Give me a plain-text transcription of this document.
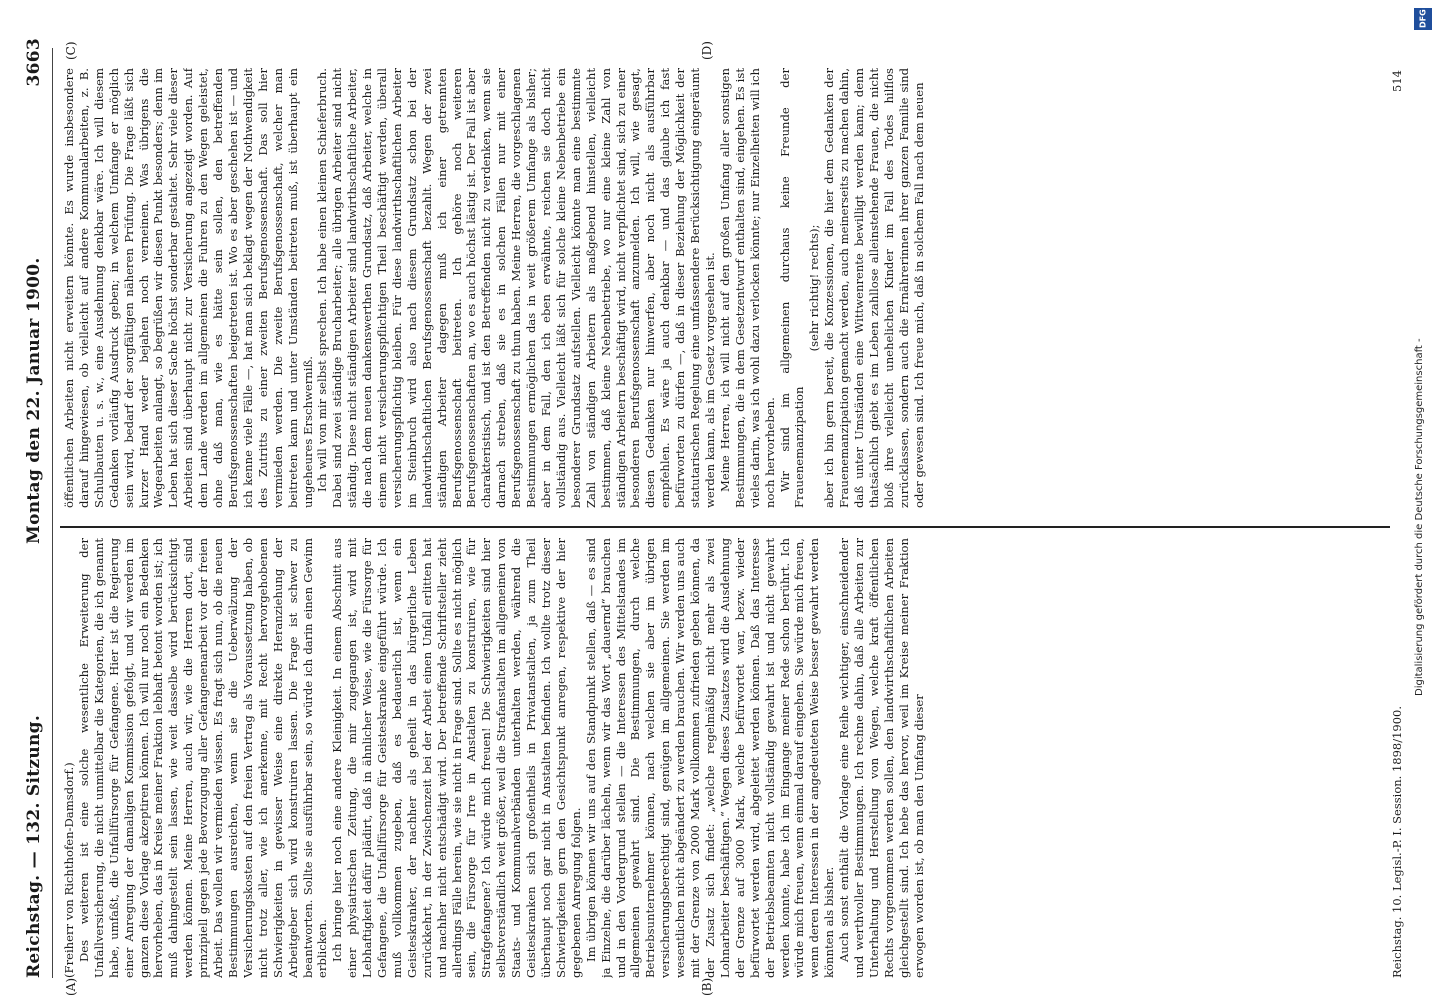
Reichstag. — 132. Sitzung.
Montag den 22. Januar 1900.
3663
(A)	(B)
(C)	(D)

(Freiherr von Richthofen-Damsdorf.) Des weiteren ist eine solche wesentliche Erweiterung der Unfallversicherung, die nicht unmittelbar die Kategorien, die ich genannt habe, umfaßt, die Unfallfürsorge für Gefangene. Hier ist die Regierung einer Anregung der damaligen Kommission gefolgt, und wir werden im ganzen diese Vorlage akzeptiren können. Ich will nur noch ein Bedenken hervorheben, das in Kreise meiner Fraktion lebhaft betont worden ist; ich muß dahingestellt sein lassen, wie weit dasselbe wird berücksichtigt werden können. Meine Herren, auch wir, wie die Herren dort, sind prinzipiell gegen jede Bevorzugung aller Gefangenenarbeit vor der freien Arbeit. Das wollen wir vermieden wissen. Es fragt sich nun, ob die neuen Bestimmungen ausreichen, wenn sie die Ueberwälzung der Versicherungskosten auf den freien Vertrag als Voraussetzung haben, ob nicht trotz aller, wie ich anerkenne, mit Recht hervorgehobenen Schwierigkeiten in gewisser Weise eine direkte Heranziehung der Arbeitgeber sich wird konstruiren lassen. Die Frage ist schwer zu beantworten. Sollte sie ausführbar sein, so würde ich darin einen Gewinn erblicken. Ich bringe hier noch eine andere Kleinigkeit. In einem Abschnitt aus einer physiatrischen Zeitung, die mir zugegangen ist, wird mit Lebhaftigkeit dafür plädirt, daß in ähnlicher Weise, wie die Fürsorge für Gefangene, die Unfallfürsorge für Geisteskranke eingeführt würde. Ich muß vollkommen zugeben, daß es bedauerlich ist, wenn ein Geisteskranker, der nachher als geheilt in das bürgerliche Leben zurückkehrt, in der Zwischenzeit bei der Arbeit einen Unfall erlitten hat und nachher nicht entschädigt wird. Der betreffende Schriftsteller zieht allerdings Fälle herein, wie sie nicht in Frage sind. Sollte es nicht möglich sein, die Fürsorge für Irre in Anstalten zu konstruiren, wie für Strafgefangene? Ich würde mich freuen! Die Schwierigkeiten sind hier selbstverständlich weit größer, weil die Strafanstalten im allgemeinen von Staats- und Kommunalverbänden unterhalten werden, während die Geisteskranken sich großentheils in Privatanstalten, ja zum Theil überhaupt noch gar nicht in Anstalten befinden. Ich wollte trotz dieser Schwierigkeiten gern den Gesichtspunkt anregen, respektive der hier gegebenen Anregung folgen. Im übrigen können wir uns auf den Standpunkt stellen, daß — es sind ja Einzelne, die darüber lächeln, wenn wir das Wort „dauernd“ brauchen und in den Vordergrund stellen — die Interessen des Mittelstandes im allgemeinen gewahrt sind. Die Bestimmungen, durch welche Betriebsunternehmer können, nach welchen sie aber im übrigen versicherungsberechtigt sind, genügen im allgemeinen. Sie werden im wesentlichen nicht abgeändert zu werden brauchen. Wir werden uns auch mit der Grenze von 2000 Mark vollkommen zufrieden geben können, da der Zusatz sich findet: „welche regelmäßig nicht mehr als zwei Lohnarbeiter beschäftigen.“ Wegen dieses Zusatzes wird die Ausdehnung der Grenze auf 3000 Mark, welche befürwortet war, bezw. wieder befürwortet werden wird, abgeleitet werden können. Daß das Interesse der Betriebsbeamten nicht vollständig gewahrt ist und nicht gewahrt werden konnte, habe ich im Eingange meiner Rede schon berührt. Ich würde mich freuen, wenn einmal darauf eingehen. Sie würde mich freuen, wenn deren Interessen in der angedeuteten Weise besser gewahrt werden könnten als bisher. Auch sonst enthält die Vorlage eine Reihe wichtiger, einschneidender und werthvoller Bestimmungen. Ich rechne dahin, daß alle Arbeiten zur Unterhaltung und Herstellung von Wegen, welche kraft öffentlichen Rechts vorgenommen werden sollen, den landwirthschaftlichen Arbeiten gleichgestellt sind. Ich hebe das hervor, weil im Kreise meiner Fraktion erwogen worden ist, ob man den Umfang dieser

öffentlichen Arbeiten nicht erweitern könnte. Es wurde insbesondere darauf hingewiesen, ob vielleicht auf andere Kommunalarbeiten, z. B. Schulbauten u. s. w., eine Ausdehnung denkbar wäre. Ich will diesem Gedanken vorläufig Ausdruck geben; in welchem Umfange er möglich sein wird, bedarf der sorgfältigen näheren Prüfung. Die Frage läßt sich kurzer Hand weder bejahen noch verneinen. Was übrigens die Wegearbeiten anlangt, so begrüßen wir diesen Punkt besonders; denn im Leben hat sich dieser Sache höchst sonderbar gestaltet. Sehr viele dieser Arbeiten sind überhaupt nicht zur Versicherung angezeigt worden. Auf dem Lande werden im allgemeinen die Fuhren zu den Wegen geleistet, ohne daß man, wie es hätte sein sollen, den betreffenden Berufsgenossenschaften beigetreten ist. Wo es aber geschehen ist — und ich kenne viele Fälle —, hat man sich beklagt wegen der Nothwendigkeit des Zutritts zu einer zweiten Berufsgenossenschaft. Das soll hier vermieden werden. Die zweite Berufsgenossenschaft, welcher man beitreten kann und unter Umständen beitreten muß, ist überhaupt ein ungeheures Erschwerniß. Ich will von mir selbst sprechen. Ich habe einen kleinen Schieferbruch. Dabei sind zwei ständige Brucharbeiter; alle übrigen Arbeiter sind nicht ständig. Diese nicht ständigen Arbeiter sind landwirthschaftliche Arbeiter, die nach dem neuen dankenswerthen Grundsatz, daß Arbeiter, welche in einem nicht versicherungspflichtigen Theil beschäftigt werden, überall versicherungspflichtig bleiben. Für diese landwirthschaftlichen Arbeiter im Steinbruch wird also nach diesem Grundsatz schon bei der landwirthschaftlichen Berufsgenossenschaft bezahlt. Wegen der zwei ständigen Arbeiter dagegen muß ich einer getrennten Berufsgenossenschaft beitreten. Ich gehöre noch weiteren Berufsgenossenschaften an, wo es auch höchst lästig ist. Der Fall ist aber charakteristisch, und ist den Betreffenden nicht zu verdenken, wenn sie darnach streben, daß sie es in solchen Fällen nur mit einer Berufsgenossenschaft zu thun haben. Meine Herren, die vorgeschlagenen Bestimmungen ermöglichen das in weit größerem Umfange als bisher; aber in dem Fall, den ich eben erwähnte, reichen sie doch nicht vollständig aus. Vielleicht läßt sich für solche kleine Nebenbetriebe ein besonderer Grundsatz aufstellen. Vielleicht könnte man eine bestimmte Zahl von ständigen Arbeitern als maßgebend hinstellen, vielleicht bestimmen, daß kleine Nebenbetriebe, wo nur eine kleine Zahl von ständigen Arbeitern beschäftigt wird, nicht verpflichtet sind, sich zu einer besonderen Berufsgenossenschaft anzumelden. Ich will, wie gesagt, diesen Gedanken nur hinwerfen, aber noch nicht als ausführbar empfehlen. Es wäre ja auch denkbar — und das glaube ich fast befürworten zu dürfen —, daß in dieser Beziehung der Möglichkeit der statutarischen Regelung eine umfassendere Berücksichtigung eingeräumt werden kann, als im Gesetz vorgesehen ist. Meine Herren, ich will nicht auf den großen Umfang aller sonstigen Bestimmungen, die in dem Gesetzentwurf enthalten sind, eingehen. Es ist vieles darin, was ich wohl dazu verlocken könnte; nur Einzelheiten will ich noch hervorheben. Wir sind im allgemeinen durchaus keine Freunde der Frauenemanzipation

(sehr richtig! rechts); aber ich bin gern bereit, die Konzessionen, die hier dem Gedanken der Frauenemanzipation gemacht werden, auch meinerseits zu machen dahin, daß unter Umständen eine Wittwenrente bewilligt werden kann; denn thatsächlich giebt es im Leben zahllose alleinstehende Frauen, die nicht bloß ihre vielleicht unehelichen Kinder im Fall des Todes hilflos zurücklassen, sondern auch die Ernährerinnen ihrer ganzen Familie sind oder gewesen sind. Ich freue mich, daß in solchem Fall nach dem neuen

Reichstag. 10. Legisl.-P. I. Session. 1898/1900.
514
DFG
Digitalisierung gefördert durch die Deutsche Forschungsgemeinschaft -
